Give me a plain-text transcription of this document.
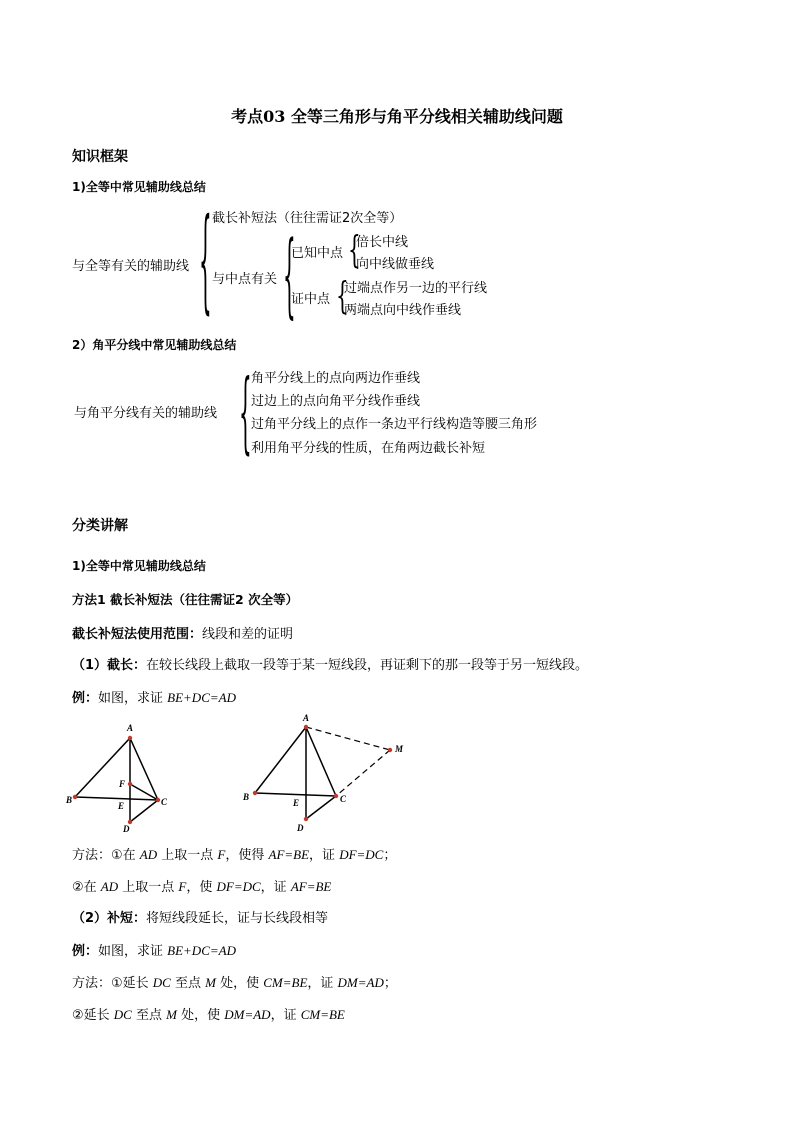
考点03 全等三角形与角平分线相关辅助线问题
知识框架
1)全等中常见辅助线总结
与全等有关的辅助线 { 截长补短法（往往需证2次全等）
与中点有关 {
已知中点 {
倍长中线
向中线做垂线
证中点 {
过端点作另一边的平行线
两端点向中线作垂线
2）角平分线中常见辅助线总结
与角平分线有关的辅助线 { 角平分线上的点向两边作垂线
过边上的点向角平分线作垂线
过角平分线上的点作一条边平行线构造等腰三角形
利用角平分线的性质，在角两边截长补短
分类讲解
1)全等中常见辅助线总结
方法1 截长补短法（往往需证2 次全等）
截长补短法使用范围：线段和差的证明
（1）截长：在较长线段上截取一段等于某一短线段，再证剩下的那一段等于另一短线段。
例：如图，求证 BE+DC=AD
A
F
B
E	C
D
A
M
B
E	C
D
方法：①在 AD 上取一点 F，使得 AF=BE，证 DF=DC；
②在 AD 上取一点 F，使 DF=DC，证 AF=BE
（2）补短：将短线段延长，证与长线段相等
例：如图，求证 BE+DC=AD
方法：①延长 DC 至点 M 处，使 CM=BE，证 DM=AD；
②延长 DC 至点 M 处，使 DM=AD，证 CM=BE
